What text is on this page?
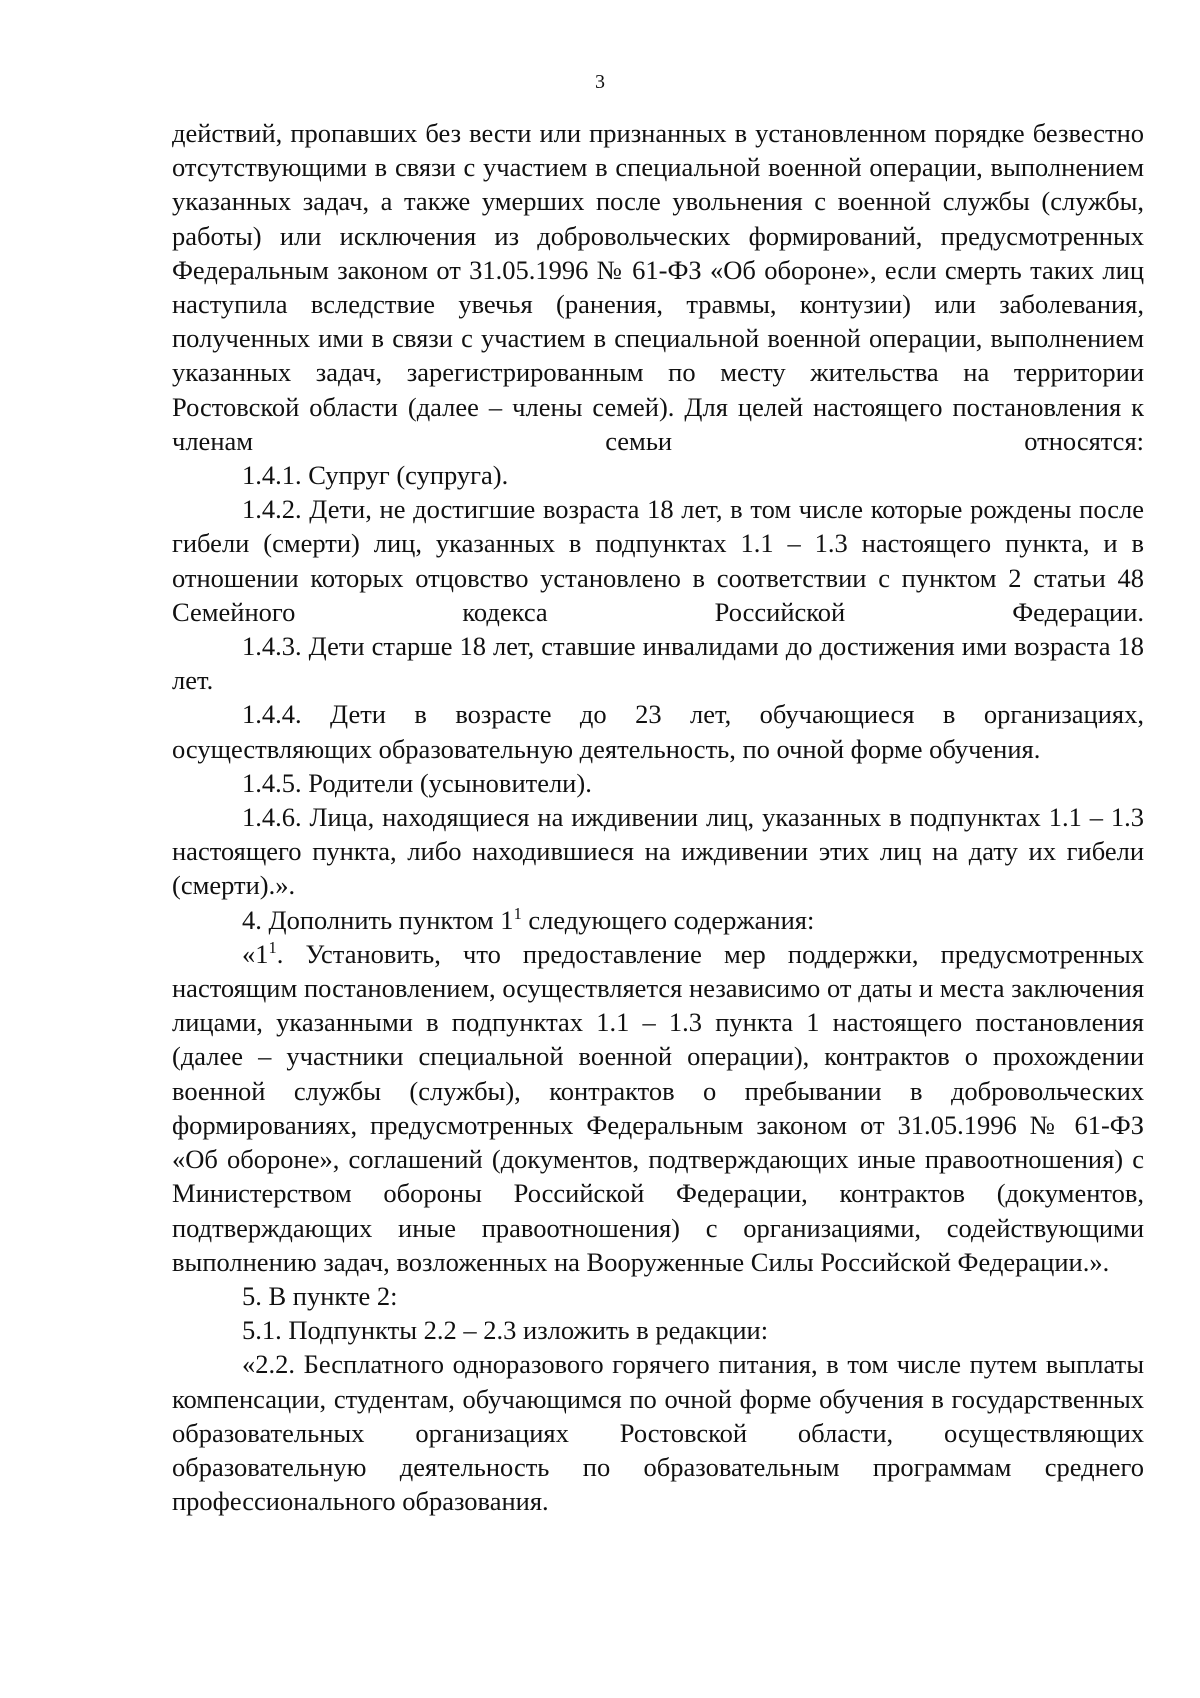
3

действий, пропавших без вести или признанных в установленном порядке безвестно отсутствующими в связи с участием в специальной военной операции, выполнением указанных задач, а также умерших после увольнения с военной службы (службы, работы) или исключения из добровольческих формирований, предусмотренных Федеральным законом от 31.05.1996 № 61-ФЗ «Об обороне», если смерть таких лиц наступила вследствие увечья (ранения, травмы, контузии) или заболевания, полученных ими в связи с участием в специальной военной операции, выполнением указанных задач, зарегистрированным по месту жительства на территории Ростовской области (далее – члены семей). Для целей настоящего постановления к членам семьи относятся:

1.4.1. Супруг (супруга).

1.4.2. Дети, не достигшие возраста 18 лет, в том числе которые рождены после гибели (смерти) лиц, указанных в подпунктах 1.1 – 1.3 настоящего пункта, и в отношении которых отцовство установлено в соответствии с пунктом 2 статьи 48 Семейного кодекса Российской Федерации.

1.4.3. Дети старше 18 лет, ставшие инвалидами до достижения ими возраста 18 лет.

1.4.4. Дети в возрасте до 23 лет, обучающиеся в организациях, осуществляющих образовательную деятельность, по очной форме обучения.

1.4.5. Родители (усыновители).

1.4.6. Лица, находящиеся на иждивении лиц, указанных в подпунктах 1.1 – 1.3 настоящего пункта, либо находившиеся на иждивении этих лиц на дату их гибели (смерти).».

4. Дополнить пунктом $1^1$ следующего содержания:

«$1^1$. Установить, что предоставление мер поддержки, предусмотренных настоящим постановлением, осуществляется независимо от даты и места заключения лицами, указанными в подпунктах 1.1 – 1.3 пункта 1 настоящего постановления (далее – участники специальной военной операции), контрактов о прохождении военной службы (службы), контрактов о пребывании в добровольческих формированиях, предусмотренных Федеральным законом от 31.05.1996 № 61-ФЗ «Об обороне», соглашений (документов, подтверждающих иные правоотношения) с Министерством обороны Российской Федерации, контрактов (документов, подтверждающих иные правоотношения) с организациями, содействующими выполнению задач, возложенных на Вооруженные Силы Российской Федерации.».

5. В пункте 2:

5.1. Подпункты 2.2 – 2.3 изложить в редакции:

«2.2. Бесплатного одноразового горячего питания, в том числе путем выплаты компенсации, студентам, обучающимся по очной форме обучения в государственных образовательных организациях Ростовской области, осуществляющих образовательную деятельность по образовательным программам среднего профессионального образования.
